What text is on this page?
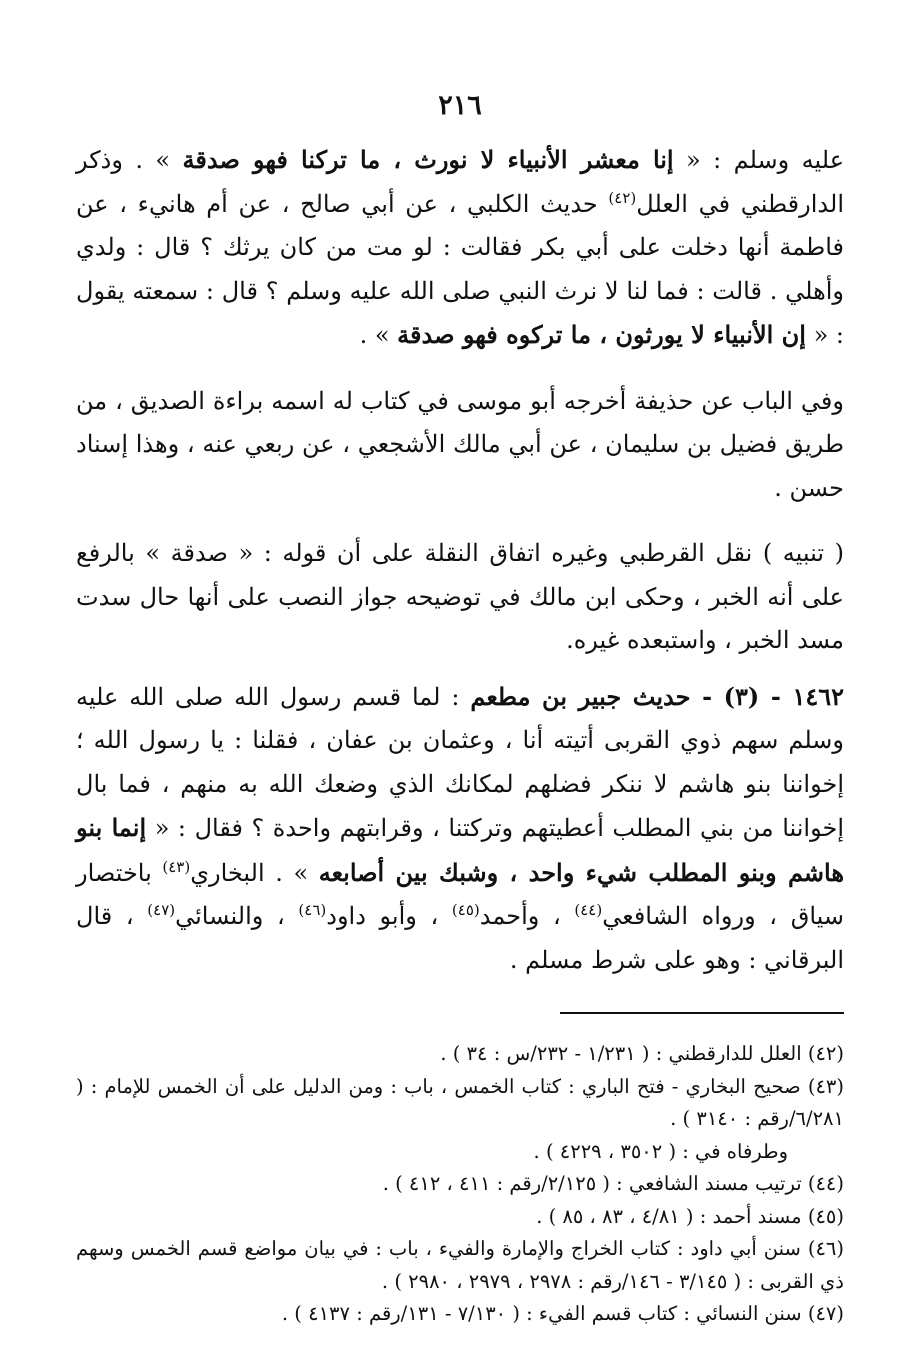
٢١٦

عليه وسلم : « إنا معشر الأنبياء لا نورث ، ما تركنا فهو صدقة » . وذكر الدارقطني في العلل$^{(٤٢)}$ حديث الكلبي ، عن أبي صالح ، عن أم هانيء ، عن فاطمة أنها دخلت على أبي بكر فقالت : لو مت من كان يرثك ؟ قال : ولدي وأهلي . قالت : فما لنا لا نرث النبي صلى الله عليه وسلم ؟ قال : سمعته يقول : « إن الأنبياء لا يورثون ، ما تركوه فهو صدقة » .

وفي الباب عن حذيفة أخرجه أبو موسى في كتاب له اسمه براءة الصديق ، من طريق فضيل بن سليمان ، عن أبي مالك الأشجعي ، عن ربعي عنه ، وهذا إسناد حسن .

( تنبيه ) نقل القرطبي وغيره اتفاق النقلة على أن قوله : « صدقة » بالرفع على أنه الخبر ، وحكى ابن مالك في توضيحه جواز النصب على أنها حال سدت مسد الخبر ، واستبعده غيره.

١٤٦٢ - (٣) - حديث جبير بن مطعم : لما قسم رسول الله صلى الله عليه وسلم سهم ذوي القربى أتيته أنا ، وعثمان بن عفان ، فقلنا : يا رسول الله ؛ إخواننا بنو هاشم لا ننكر فضلهم لمكانك الذي وضعك الله به منهم ، فما بال إخواننا من بني المطلب أعطيتهم وتركتنا ، وقرابتهم واحدة ؟ فقال : « إنما بنو هاشم وبنو المطلب شيء واحد ، وشبك بين أصابعه » . البخاري$^{(٤٣)}$ باختصار سياق ، ورواه الشافعي$^{(٤٤)}$ ، وأحمد$^{(٤٥)}$ ، وأبو داود$^{(٤٦)}$ ، والنسائي$^{(٤٧)}$ ، قال البرقاني : وهو على شرط مسلم .

(٤٢) العلل للدارقطني : ( ١/٢٣١ - ٢٣٢/س : ٣٤ ) .

(٤٣) صحيح البخاري - فتح الباري : كتاب الخمس ، باب : ومن الدليل على أن الخمس للإمام : ( ٦/٢٨١/رقم : ٣١٤٠ ) .

وطرفاه في : ( ٣٥٠٢ ، ٤٢٢٩ ) .

(٤٤) ترتيب مسند الشافعي : ( ٢/١٢٥/رقم : ٤١١ ، ٤١٢ ) .

(٤٥) مسند أحمد : ( ٤/٨١ ، ٨٣ ، ٨٥ ) .

(٤٦) سنن أبي داود : كتاب الخراج والإمارة والفيء ، باب : في بيان مواضع قسم الخمس وسهم ذي القربى : ( ٣/١٤٥ - ١٤٦/رقم : ٢٩٧٨ ، ٢٩٧٩ ، ٢٩٨٠ ) .

(٤٧) سنن النسائي : كتاب قسم الفيء : ( ٧/١٣٠ - ١٣١/رقم : ٤١٣٧ ) .
